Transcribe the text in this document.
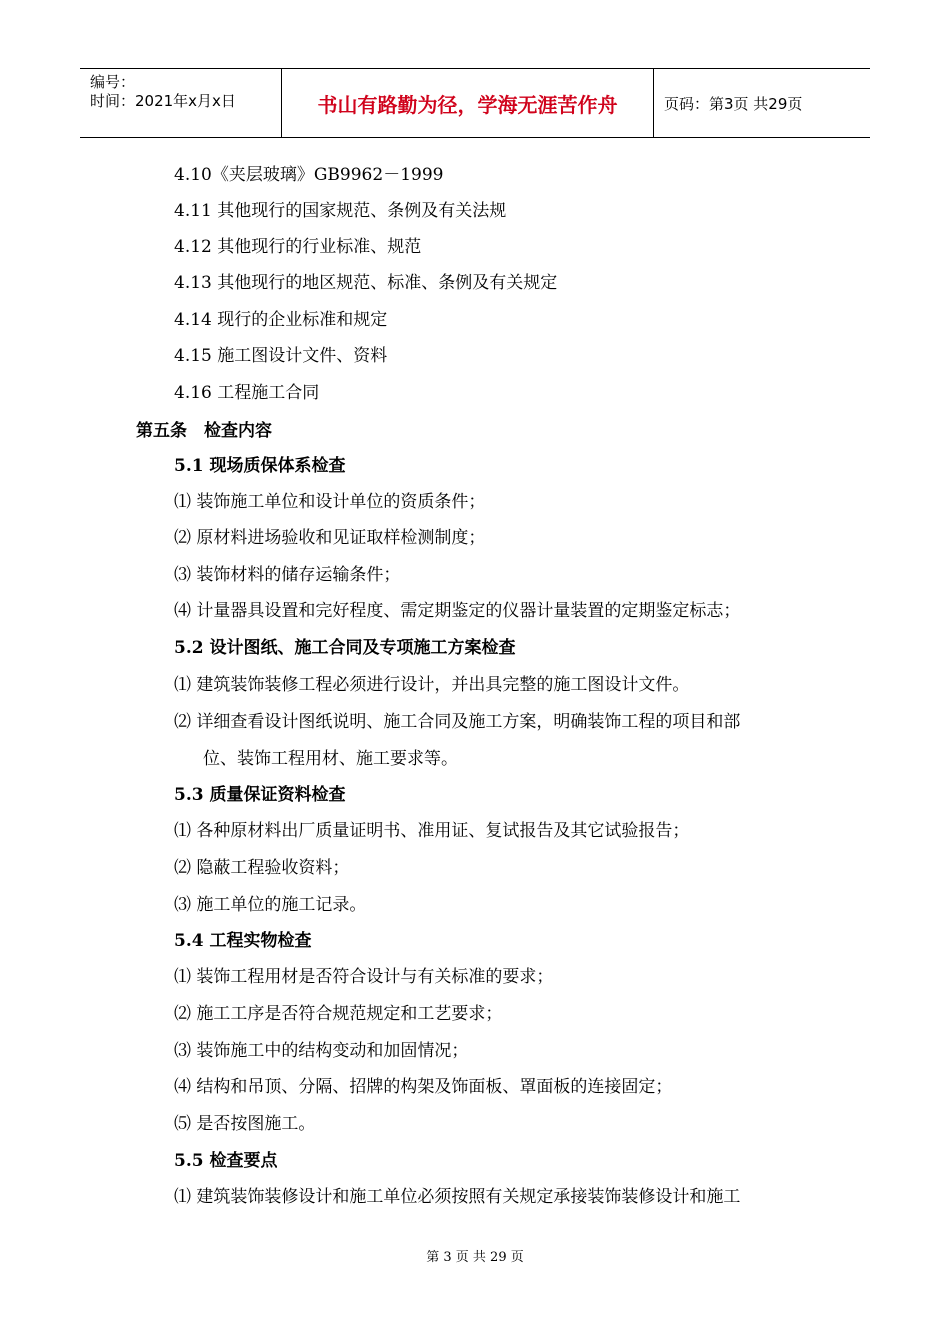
编号：
时间：2021年x月x日	书山有路勤为径，学海无涯苦作舟	页码：第3页 共29页
4.10《夹层玻璃》GB9962－1999
4.11 其他现行的国家规范、条例及有关法规
4.12 其他现行的行业标准、规范
4.13 其他现行的地区规范、标准、条例及有关规定
4.14 现行的企业标准和规定
4.15 施工图设计文件、资料
4.16 工程施工合同
第五条　检查内容
5.1 现场质保体系检查
⑴ 装饰施工单位和设计单位的资质条件；
⑵ 原材料进场验收和见证取样检测制度；
⑶ 装饰材料的储存运输条件；
⑷ 计量器具设置和完好程度、需定期鉴定的仪器计量装置的定期鉴定标志；
5.2 设计图纸、施工合同及专项施工方案检查
⑴ 建筑装饰装修工程必须进行设计，并出具完整的施工图设计文件。
⑵ 详细查看设计图纸说明、施工合同及施工方案，明确装饰工程的项目和部
位、装饰工程用材、施工要求等。
5.3 质量保证资料检查
⑴ 各种原材料出厂质量证明书、准用证、复试报告及其它试验报告；
⑵ 隐蔽工程验收资料；
⑶ 施工单位的施工记录。
5.4 工程实物检查
⑴ 装饰工程用材是否符合设计与有关标准的要求；
⑵ 施工工序是否符合规范规定和工艺要求；
⑶ 装饰施工中的结构变动和加固情况；
⑷ 结构和吊顶、分隔、招牌的构架及饰面板、罩面板的连接固定；
⑸ 是否按图施工。
5.5 检查要点
⑴ 建筑装饰装修设计和施工单位必须按照有关规定承接装饰装修设计和施工
第 3 页 共 29 页
